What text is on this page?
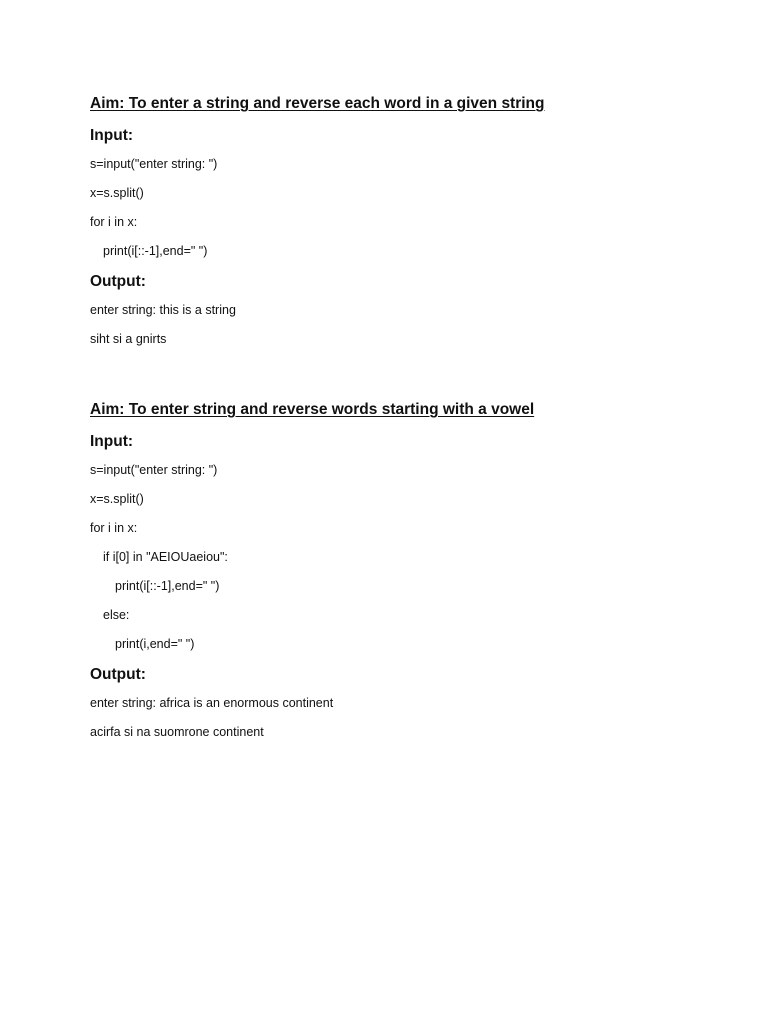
Aim: To enter a string and reverse each word in a given string
Input:
s=input("enter string: ")
x=s.split()
for i in x:
print(i[::-1],end=" ")
Output:
enter string: this is a string
siht si a gnirts
Aim: To enter string and reverse words starting with a vowel
Input:
s=input("enter string: ")
x=s.split()
for i in x:
if i[0] in "AEIOUaeiou":
print(i[::-1],end=" ")
else:
print(i,end=" ")
Output:
enter string: africa is an enormous continent
acirfa si na suomrone continent
